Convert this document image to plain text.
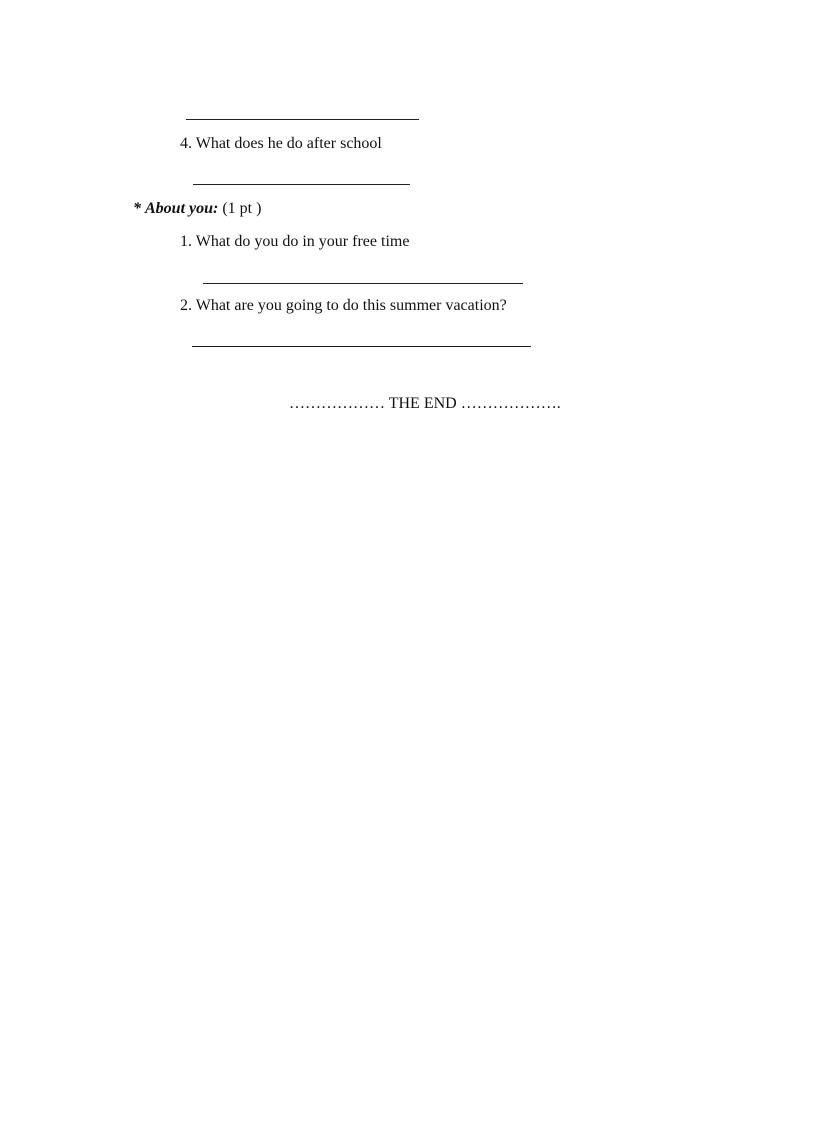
4. What does he do after school
* About you: (1 pt )
1. What do you do in your free time
2. What are you going to do this summer vacation?
……………… THE END ……………….
